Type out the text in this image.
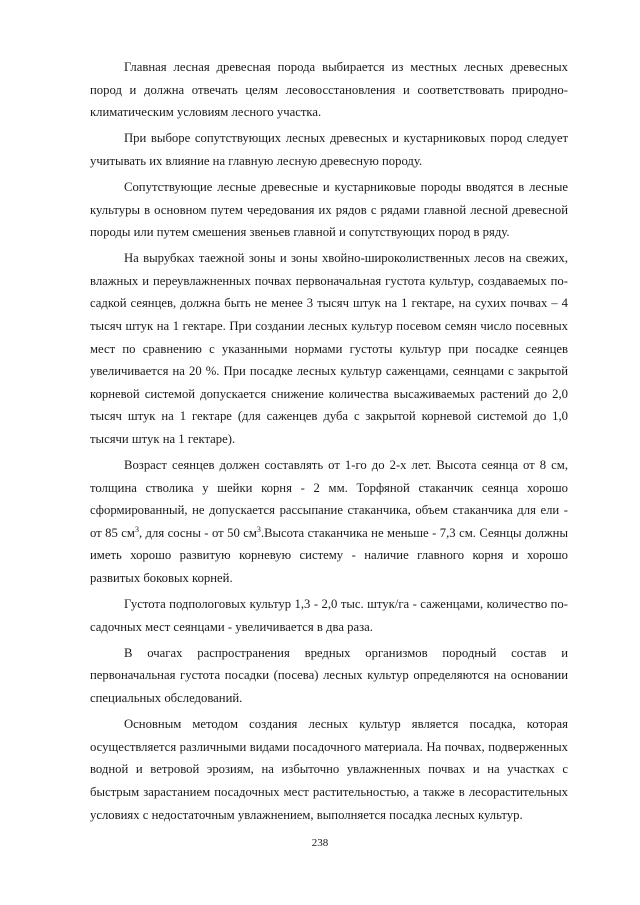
Главная лесная древесная порода выбирается из местных лесных древесных пород и должна отвечать целям лесовосстановления и соответствовать природно-климатическим условиям лесного участка.

При выборе сопутствующих лесных древесных и кустарниковых пород следует учитывать их влияние на главную лесную древесную породу.

Сопутствующие лесные древесные и кустарниковые породы вводятся в лесные культуры в основном путем чередования их рядов с рядами главной лесной древесной породы или путем смешения звеньев главной и сопутствующих пород в ряду.

На вырубках таежной зоны и зоны хвойно-широколиственных лесов на свежих, влажных и переувлажненных почвах первоначальная густота культур, создаваемых посадкой сеянцев, должна быть не менее 3 тысяч штук на 1 гектаре, на сухих почвах – 4 тысяч штук на 1 гектаре. При создании лесных культур посевом семян число посевных мест по сравнению с указанными нормами густоты культур при посадке сеянцев увеличивается на 20 %. При посадке лесных культур саженцами, сеянцами с закрытой корневой системой допускается снижение количества высаживаемых растений до 2,0 тысяч штук на 1 гектаре (для саженцев дуба с закрытой корневой системой до 1,0 тысячи штук на 1 гектаре).

Возраст сеянцев должен составлять от 1-го до 2-х лет. Высота сеянца от 8 см, толщина стволика у шейки корня - 2 мм. Торфяной стаканчик сеянца хорошо сформированный, не допускается рассыпание стаканчика, объем стаканчика для ели - от 85 $см^3$, для сосны - от 50 $см^3.Высота$ стаканчика не меньше - 7,3 см. Сеянцы должны иметь хорошо развитую корневую систему - наличие главного корня и хорошо развитых боковых корней.

Густота подпологовых культур 1,3 - 2,0 тыс. штук/га - саженцами, количество посадочных мест сеянцами - увеличивается в два раза.

В очагах распространения вредных организмов породный состав и первоначальная густота посадки (посева) лесных культур определяются на основании специальных обследований.

Основным методом создания лесных культур является посадка, которая осуществляется различными видами посадочного материала. На почвах, подверженных водной и ветровой эрозиям, на избыточно увлажненных почвах и на участках с быстрым зарастанием посадочных мест растительностью, а также в лесорастительных условиях с недостаточным увлажнением, выполняется посадка лесных культур.

238
